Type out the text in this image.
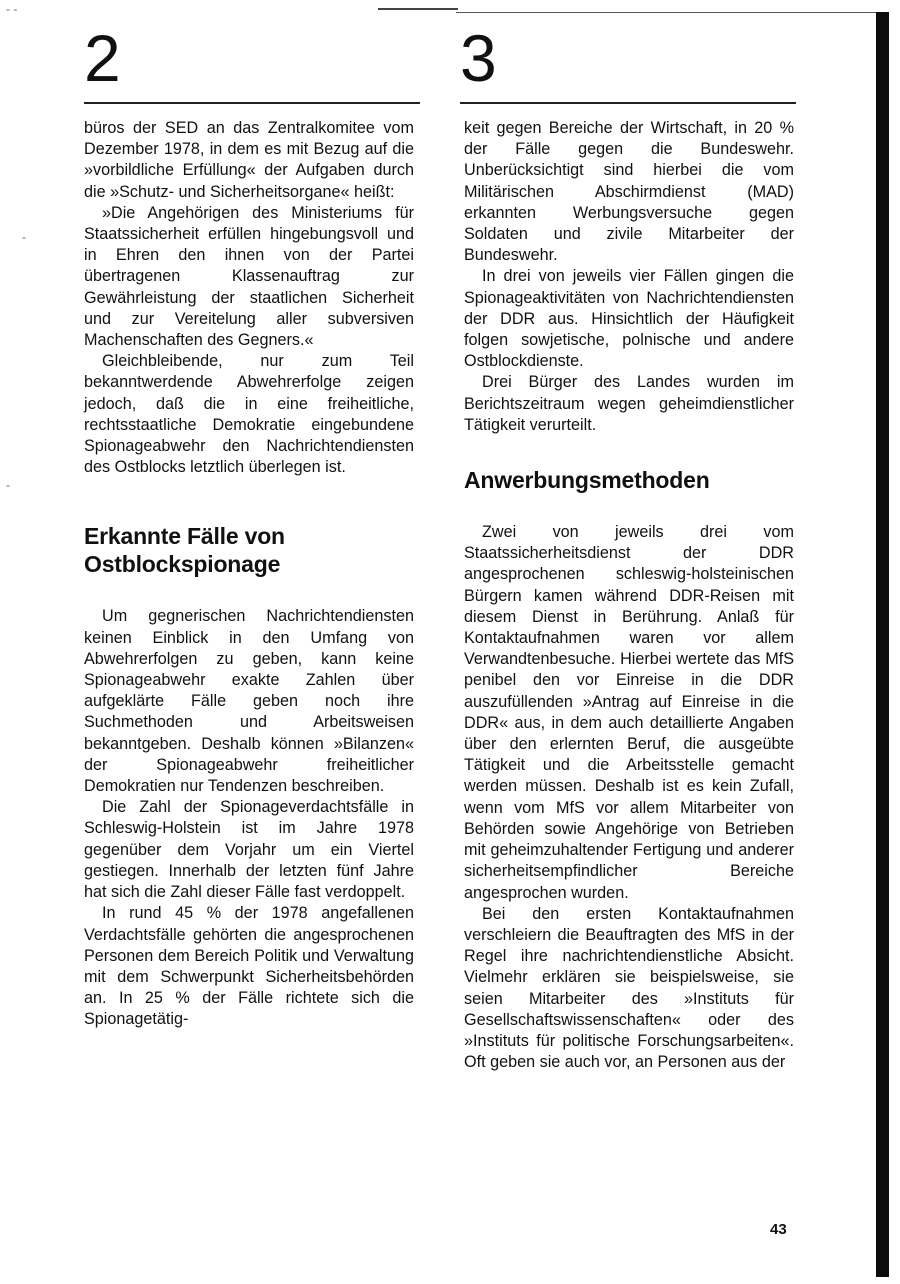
- -
-
-
2	3

büros der SED an das Zentralkomitee vom Dezember 1978, in dem es mit Bezug auf die »vorbildliche Erfüllung« der Aufgaben durch die »Schutz- und Sicherheitsorgane« heißt:

»Die Angehörigen des Ministeriums für Staatssicherheit erfüllen hingebungsvoll und in Ehren den ihnen von der Partei übertragenen Klassenauftrag zur Gewährleistung der staatlichen Sicherheit und zur Vereitelung aller subversiven Machenschaften des Gegners.«

Gleichbleibende, nur zum Teil bekanntwerdende Abwehrerfolge zeigen jedoch, daß die in eine freiheitliche, rechtsstaatliche Demokratie eingebundene Spionageabwehr den Nachrichtendiensten des Ostblocks letztlich überlegen ist.

Erkannte Fälle von
Ostblockspionage

Um gegnerischen Nachrichtendiensten keinen Einblick in den Umfang von Abwehrerfolgen zu geben, kann keine Spionageabwehr exakte Zahlen über aufgeklärte Fälle geben noch ihre Suchmethoden und Arbeitsweisen bekanntgeben. Deshalb können »Bilanzen« der Spionageabwehr freiheitlicher Demokratien nur Tendenzen beschreiben.

Die Zahl der Spionageverdachtsfälle in Schleswig-Holstein ist im Jahre 1978 gegenüber dem Vorjahr um ein Viertel gestiegen. Innerhalb der letzten fünf Jahre hat sich die Zahl dieser Fälle fast verdoppelt.

In rund 45 % der 1978 angefallenen Verdachtsfälle gehörten die angesprochenen Personen dem Bereich Politik und Verwaltung mit dem Schwerpunkt Sicherheitsbehörden an. In 25 % der Fälle richtete sich die Spionagetätig-

keit gegen Bereiche der Wirtschaft, in 20 % der Fälle gegen die Bundeswehr. Unberücksichtigt sind hierbei die vom Militärischen Abschirmdienst (MAD) erkannten Werbungsversuche gegen Soldaten und zivile Mitarbeiter der Bundeswehr.

In drei von jeweils vier Fällen gingen die Spionageaktivitäten von Nachrichtendiensten der DDR aus. Hinsichtlich der Häufigkeit folgen sowjetische, polnische und andere Ostblockdienste.

Drei Bürger des Landes wurden im Berichtszeitraum wegen geheimdienstlicher Tätigkeit verurteilt.

Anwerbungsmethoden

Zwei von jeweils drei vom Staatssicherheitsdienst der DDR angesprochenen schleswig-holsteinischen Bürgern kamen während DDR-Reisen mit diesem Dienst in Berührung. Anlaß für Kontaktaufnahmen waren vor allem Verwandtenbesuche. Hierbei wertete das MfS penibel den vor Einreise in die DDR auszufüllenden »Antrag auf Einreise in die DDR« aus, in dem auch detaillierte Angaben über den erlernten Beruf, die ausgeübte Tätigkeit und die Arbeitsstelle gemacht werden müssen. Deshalb ist es kein Zufall, wenn vom MfS vor allem Mitarbeiter von Behörden sowie Angehörige von Betrieben mit geheimzuhaltender Fertigung und anderer sicherheitsempfindlicher Bereiche angesprochen wurden.

Bei den ersten Kontaktaufnahmen verschleiern die Beauftragten des MfS in der Regel ihre nachrichtendienstliche Absicht. Vielmehr erklären sie beispielsweise, sie seien Mitarbeiter des »Instituts für Gesellschaftswissenschaften« oder des »Instituts für politische Forschungsarbeiten«. Oft geben sie auch vor, an Personen aus der

43
